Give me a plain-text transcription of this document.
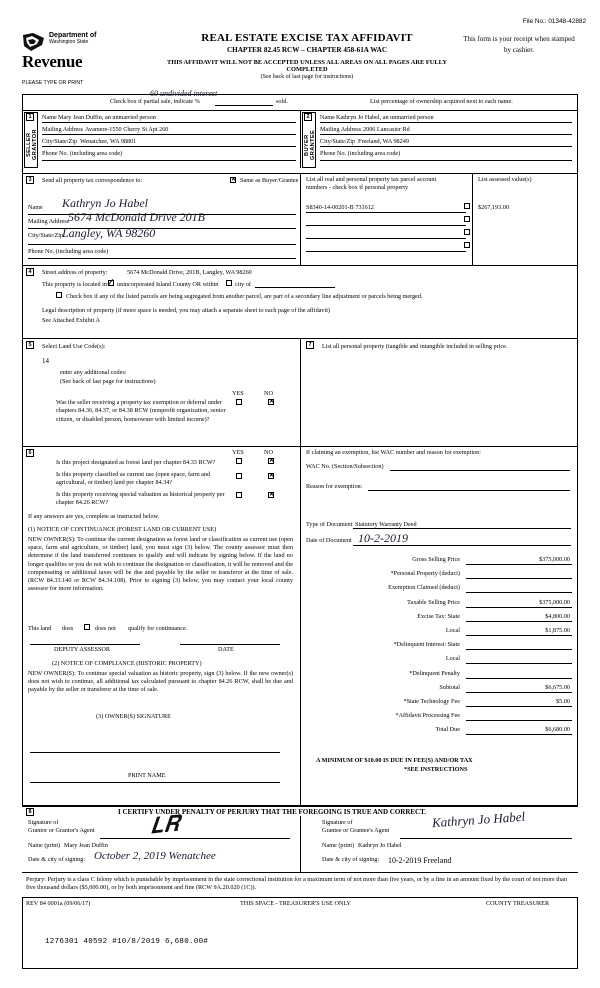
File No.: 01348-42882
Department of
Washington State
Revenue
PLEASE TYPE OR PRINT
REAL ESTATE EXCISE TAX AFFIDAVIT
CHAPTER 82.45 RCW – CHAPTER 458-61A WAC
THIS AFFIDAVIT WILL NOT BE ACCEPTED UNLESS ALL AREAS ON ALL PAGES ARE FULLY COMPLETED
(See back of last page for instructions)
This form is your receipt when stamped by cashier.
Check box if partial sale, indicate %
60 undivided interest
sold.	List percentage of ownership acquired next to each name.
1
SELLER GRANTOR
Name Mary Jean Duffin, an unmarried person
Mailing Address Avamere-1550 Cherry St Apt 260
City/State/Zip Wenatchee, WA 98801
Phone No. (including area code)
2
BUYER GRANTEE
Name Kathryn Jo Habel, an unmarried person
Mailing Address 2006 Lancaster Rd
City/State/Zip Freeland, WA 98249
Phone No. (including area code)
3	Send all property tax correspondence to:	✕ Same as Buyer/Grantee
Name Kathryn Jo Habel
Mailing Address
5674 McDonald Drive 201B
City/State/Zip
Langley, WA 98260
Phone No. (including area code)
List all real and personal property tax parcel account numbers - check box if personal property
List assessed value(s)
S8340-14-00201-B 731612	$267,193.00
4	Street address of property:	5674 McDonald Drive, 201B, Langley, WA 98260
This property is located in ✓ unincorporated Island County OR within	city of
Check box if any of the listed parcels are being segregated from another parcel, are part of a secondary line adjustment or parcels being merged.
Legal description of property (if more space is needed, you may attach a separate sheet to each page of the affidavit)
See Attached Exhibit A
5	Select Land Use Code(s):
14
enter any additional codes:
(See back of last page for instructions)
YES	NO
Was the seller receiving a property tax exemption or deferral under chapters 84.36, 84.37, or 84.38 RCW (nonprofit organization, senior citizen, or disabled person, homeowner with limited income)?
✕
7	List all personal property (tangible and intangible included in selling price.
6	YES	NO
Is this project designated as forest land per chapter 84.33 RCW?	✕
Is this property classified as current use (open space, farm and agricultural, or timber) land per chapter 84.34?
✕
Is this property receiving special valuation as historical property per chapter 84.26 RCW?
✕
If any answers are yes, complete as instructed below.
(1) NOTICE OF CONTINUANCE (FOREST LAND OR CURRENT USE)
NEW OWNER(S): To continue the current designation as forest land or classification as current use (open space, farm and agriculture, or timber) land, you must sign (3) below. The county assessor must then determine if the land transferred continues to qualify and will indicate by signing below. If the land no longer qualifies or you do not wish to continue the designation or classification, it will be removed and the compensating or additional taxes will be due and payable by the seller or transferor at the time of sale. (RCW 84.33.140 or RCW 84.34.108). Prior to signing (3) below, you may contact your local county assessor for more information.
This land does	does not qualify for continuance.
DEPUTY ASSESSOR	DATE
(2) NOTICE OF COMPLIANCE (HISTORIC PROPERTY)
NEW OWNER(S): To continue special valuation as historic property, sign (3) below. If the new owner(s) does not wish to continue, all additional tax calculated pursuant to chapter 84.26 RCW, shall be due and payable by the seller or transferor at the time of sale.
(3) OWNER(S) SIGNATURE
PRINT NAME
If claiming an exemption, list WAC number and reason for exemption:
WAC No. (Section/Subsection)
Reason for exemption:
Type of Document Statutory Warranty Deed
Date of Document 10-2-2019
Gross Selling Price	$375,000.00
*Personal Property (deduct)
Exemption Claimed (deduct)
Taxable Selling Price	$375,000.00
Excise Tax: State	$4,800.00
Local	$1,875.00
*Delinquent Interest: State
Local
*Delinquent Penalty
Subtotal	$6,675.00
*State Technology Fee	$5.00
*Affidavit Processing Fee
Total Due	$6,680.00
A MINIMUM OF $10.00 IS DUE IN FEE(S) AND/OR TAX
*SEE INSTRUCTIONS
8	I CERTIFY UNDER PENALTY OF PERJURY THAT THE FOREGOING IS TRUE AND CORRECT.
Signature of
Grantor or Grantor's Agent 𝑳𝑹	Signature of
Grantee or Grantee's Agent
Kathryn Jo Habel
Name (print) Mary Jean Duffin	Name (print) Kathryn Jo Habel
Date & city of signing: October 2, 2019 Wenatchee	Date & city of signing: 10-2-2019 Freeland
Perjury: Perjury is a class C felony which is punishable by imprisonment in the state correctional institution for a maximum term of not more than five years, or by a fine in an amount fixed by the court of not more than five thousand dollars ($5,000.00), or by both imprisonment and fine (RCW 9A.20.020 (1C)).
REV 84 0001a (09/06/17)	THIS SPACE - TREASURER'S USE ONLY	COUNTY TREASURER
1276301 40592 #10/8/2019 6,680.00#
